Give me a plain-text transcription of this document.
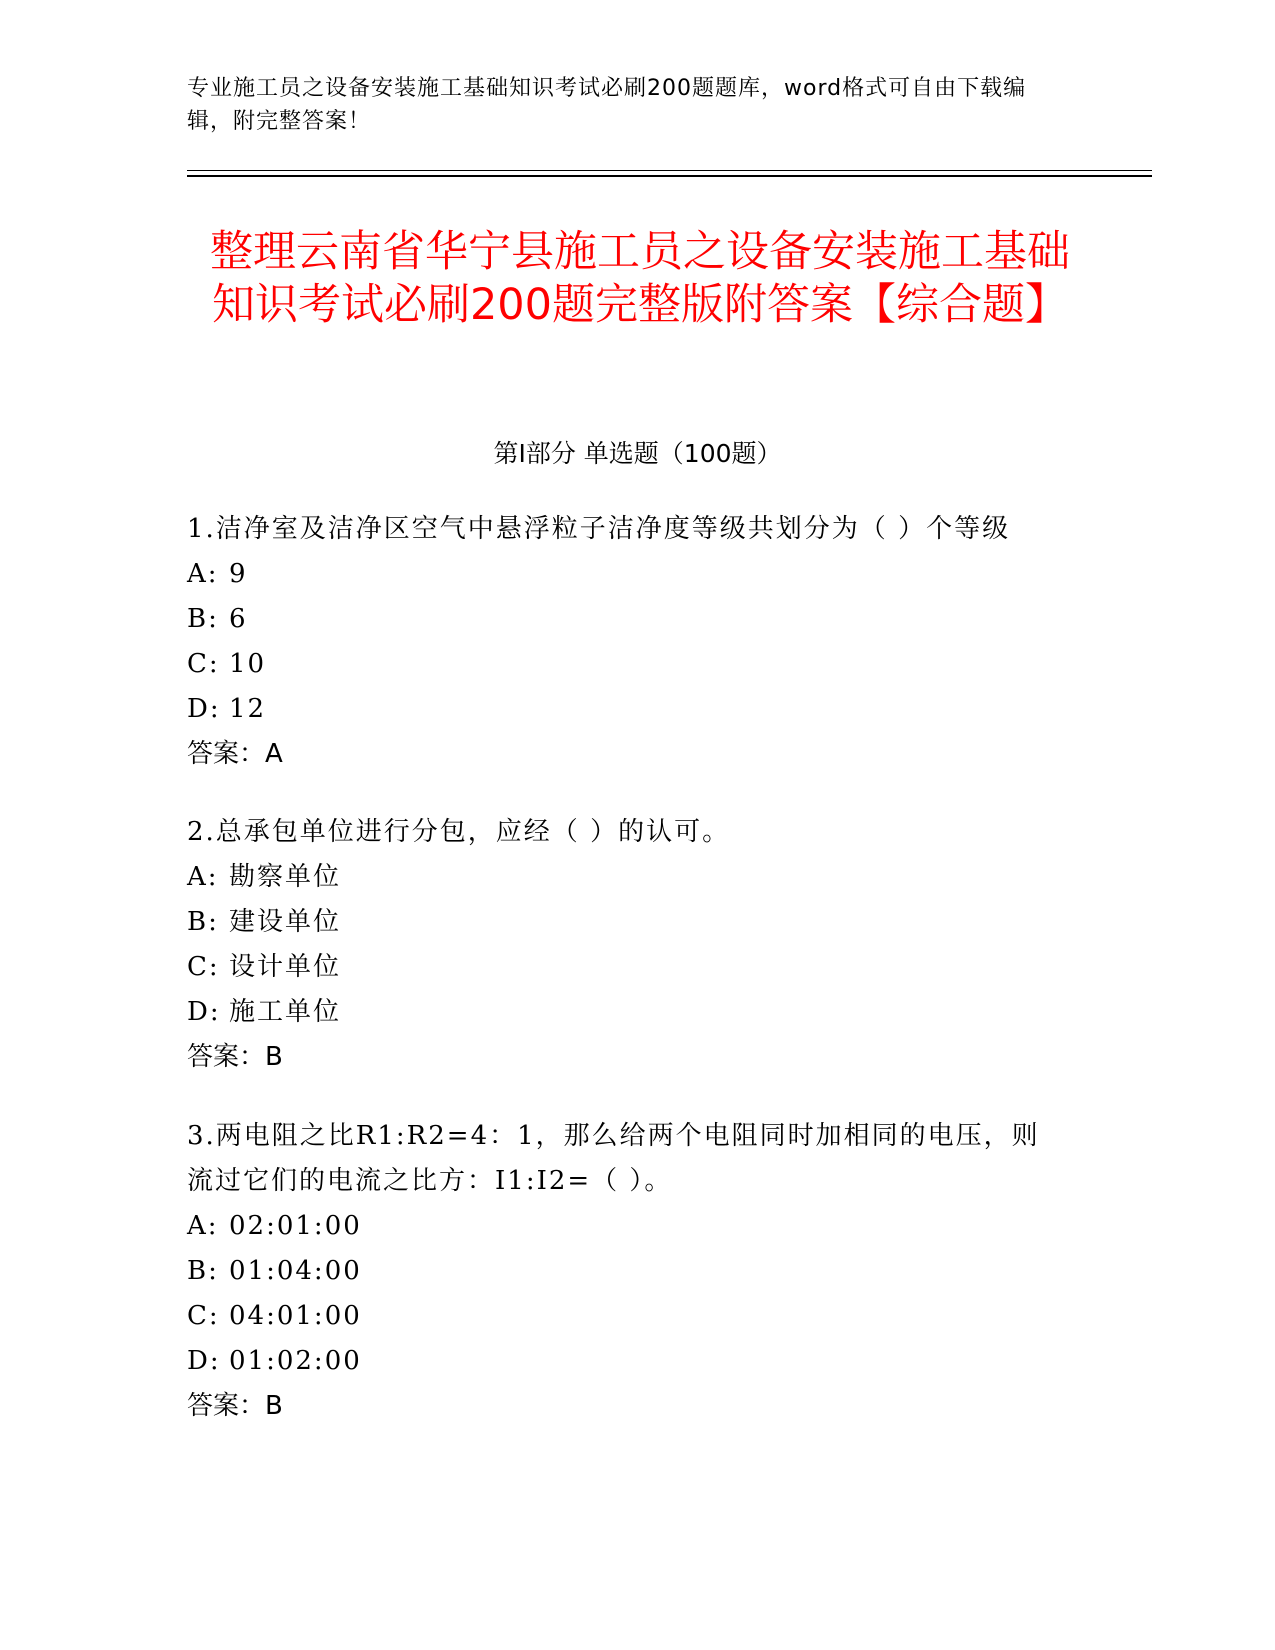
专业施工员之设备安装施工基础知识考试必刷200题题库，word格式可自由下载编辑，附完整答案！
整理云南省华宁县施工员之设备安装施工基础知识考试必刷200题完整版附答案【综合题】
第I部分 单选题（100题）
1.洁净室及洁净区空气中悬浮粒子洁净度等级共划分为（ ）个等级
A: 9
B: 6
C: 10
D: 12
答案：A
2.总承包单位进行分包，应经（ ）的认可。
A: 勘察单位
B: 建设单位
C: 设计单位
D: 施工单位
答案：B
3.两电阻之比R1:R2=4：1，那么给两个电阻同时加相同的电压，则流过它们的电流之比方：I1:I2=（ ）。
A: 02:01:00
B: 01:04:00
C: 04:01:00
D: 01:02:00
答案：B
